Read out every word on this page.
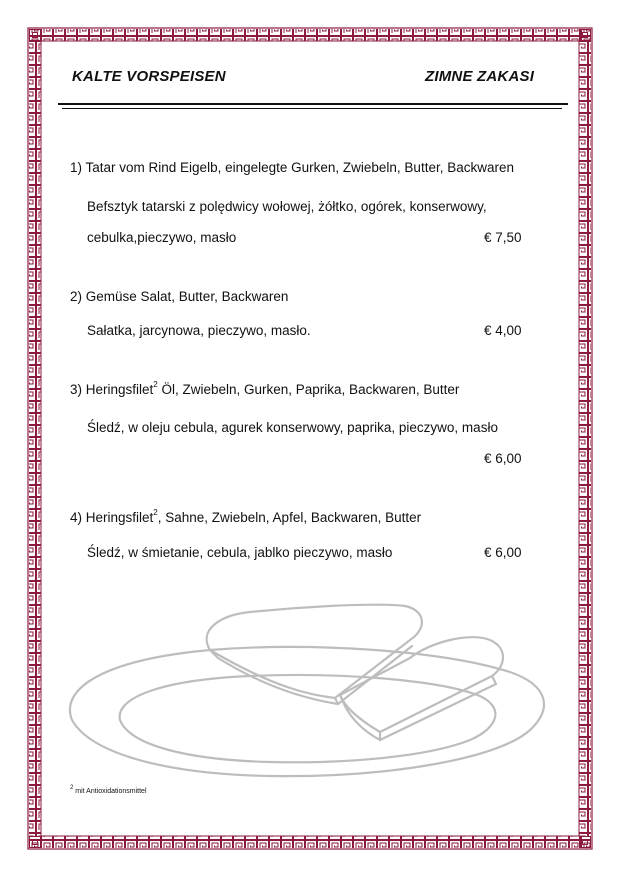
KALTE VORSPEISEN	ZIMNE ZAKASI
1) Tatar vom Rind Eigelb, eingelegte Gurken, Zwiebeln, Butter, Backwaren
Befsztyk tatarski z polędwicy wołowej, żółtko, ogórek, konserwowy,
cebulka,pieczywo, masło	€ 7,50
2) Gemüse Salat, Butter, Backwaren
Sałatka, jarcynowa, pieczywo, masło.	€ 4,00
3) Heringsfilet$^2$ Öl, Zwiebeln, Gurken, Paprika, Backwaren, Butter
Śledź, w oleju cebula, agurek konserwowy, paprika, pieczywo, masło
€ 6,00
4) Heringsfilet$^2$, Sahne, Zwiebeln, Apfel, Backwaren, Butter
Śledź, w śmietanie, cebula, jablko pieczywo, masło	€ 6,00
$^2$ mit Antioxidationsmittel
